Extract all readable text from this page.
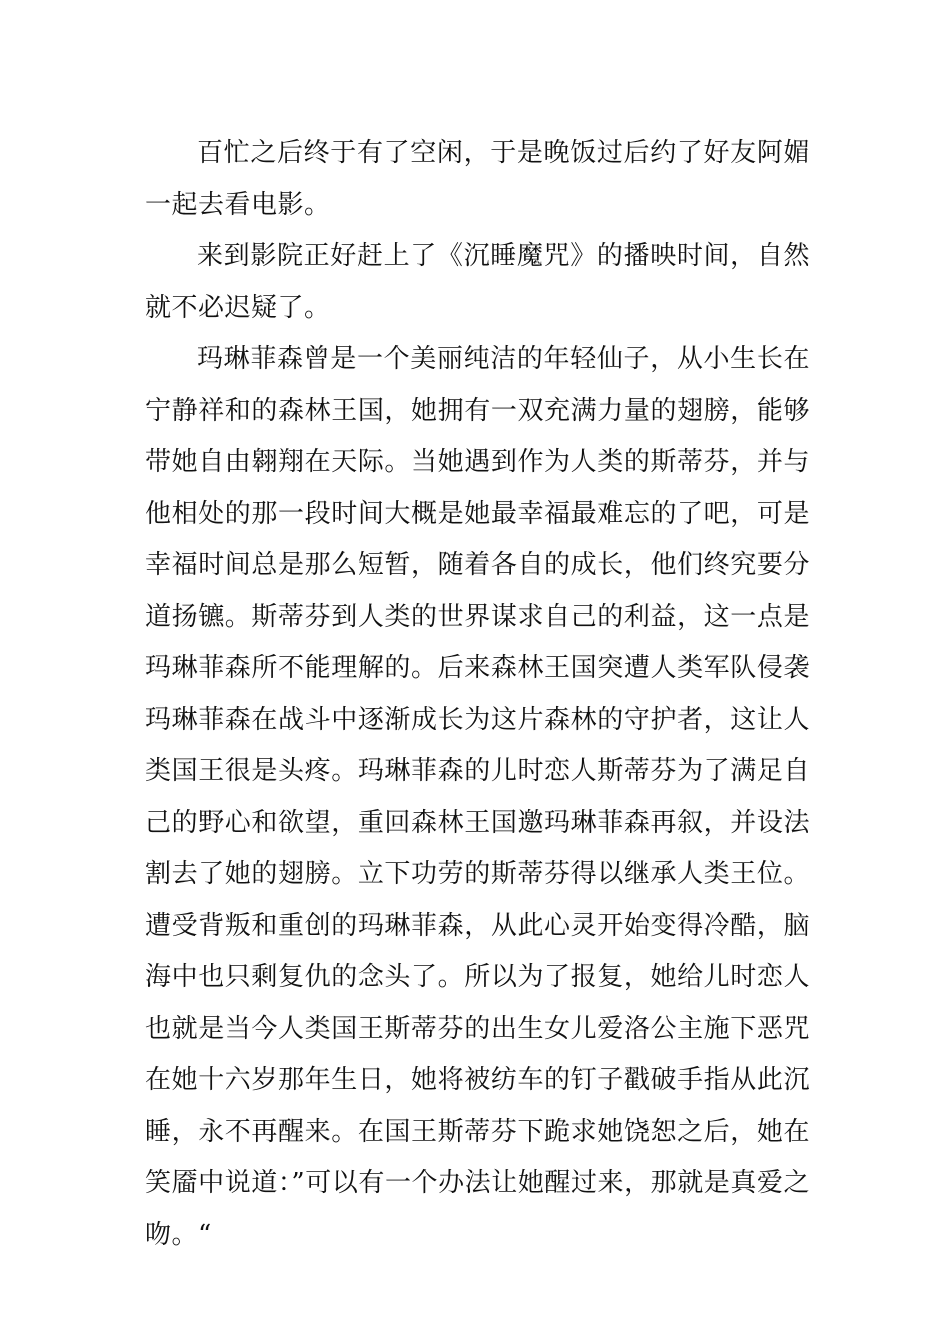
百忙之后终于有了空闲，于是晚饭过后约了好友阿媚一起去看电影。

来到影院正好赶上了《沉睡魔咒》的播映时间，自然就不必迟疑了。

玛琳菲森曾是一个美丽纯洁的年轻仙子，从小生长在宁静祥和的森林王国，她拥有一双充满力量的翅膀，能够带她自由翱翔在天际。当她遇到作为人类的斯蒂芬，并与他相处的那一段时间大概是她最幸福最难忘的了吧，可是幸福时间总是那么短暂，随着各自的成长，他们终究要分道扬镳。斯蒂芬到人类的世界谋求自己的利益，这一点是玛琳菲森所不能理解的。后来森林王国突遭人类军队侵袭玛琳菲森在战斗中逐渐成长为这片森林的守护者，这让人类国王很是头疼。玛琳菲森的儿时恋人斯蒂芬为了满足自己的野心和欲望，重回森林王国邀玛琳菲森再叙，并设法割去了她的翅膀。立下功劳的斯蒂芬得以继承人类王位。遭受背叛和重创的玛琳菲森，从此心灵开始变得冷酷，脑海中也只剩复仇的念头了。所以为了报复，她给儿时恋人也就是当今人类国王斯蒂芬的出生女儿爱洛公主施下恶咒在她十六岁那年生日，她将被纺车的钉子戳破手指从此沉睡，永不再醒来。在国王斯蒂芬下跪求她饶恕之后，她在笑靥中说道：”可以有一个办法让她醒过来，那就是真爱之吻。“
